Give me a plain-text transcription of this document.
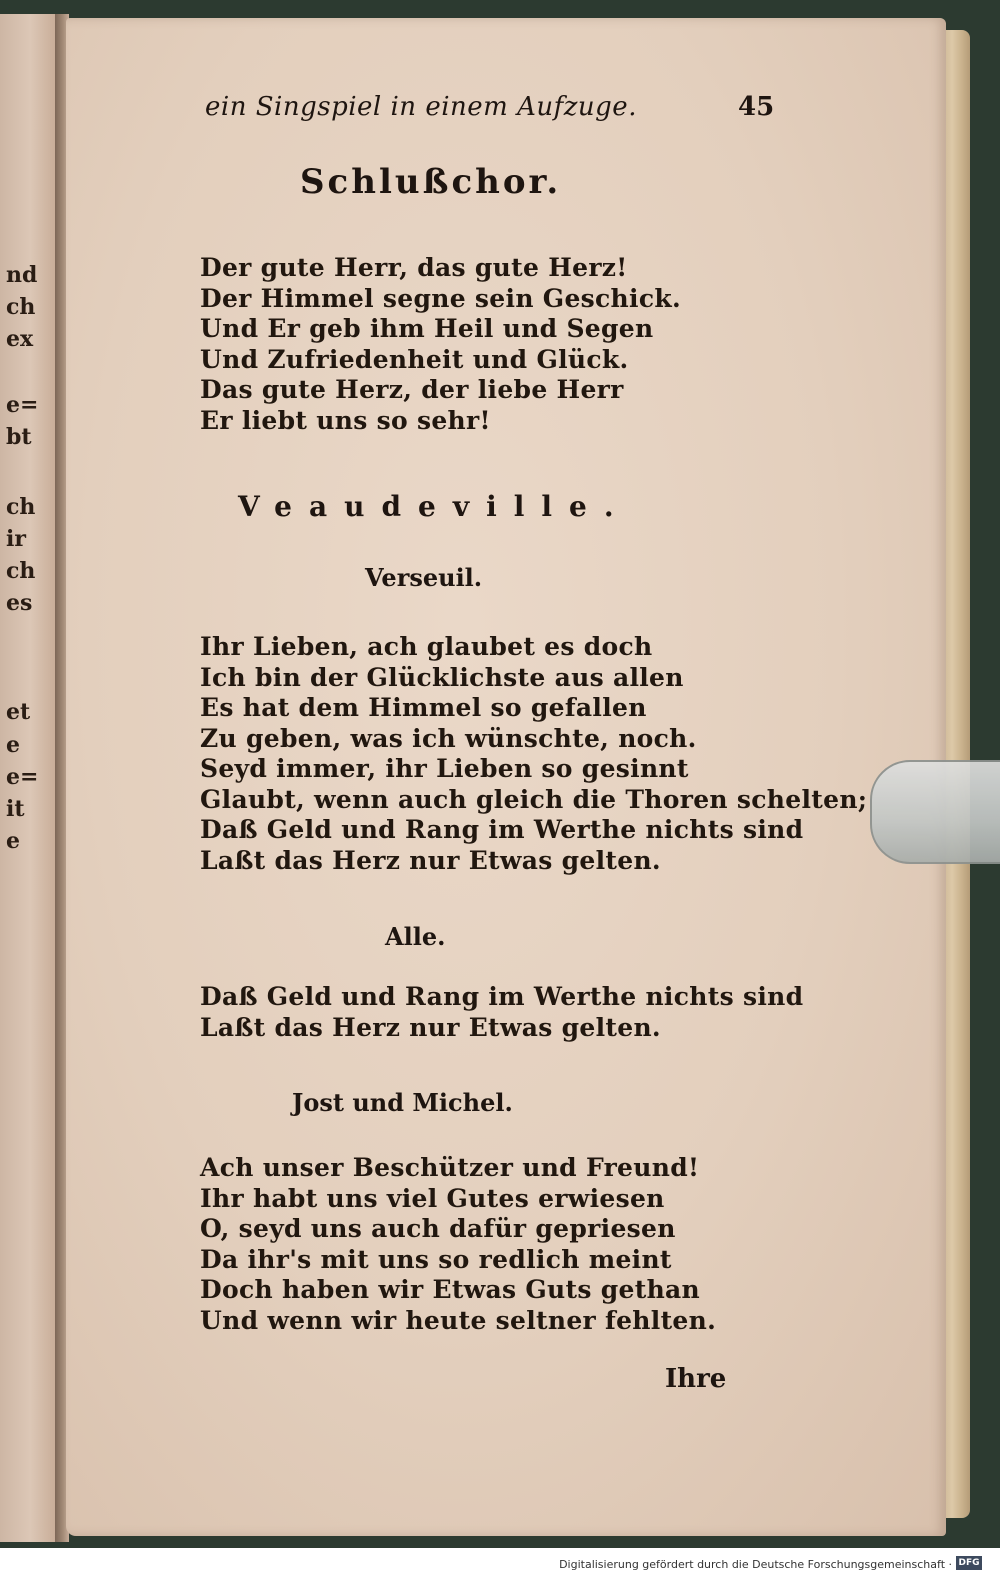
nd
ch
ex
e=
bt
ch
ir
ch
es
et
e
e=
it
e
ein Singspiel in einem Aufzuge.	45
Schlußchor.
Der gute Herr, das gute Herz!
Der Himmel segne sein Geschick.
Und Er geb ihm Heil und Segen
Und Zufriedenheit und Glück.
Das gute Herz, der liebe Herr
Er liebt uns so sehr!
Veaudeville.
Verseuil.
Ihr Lieben, ach glaubet es doch
Ich bin der Glücklichste aus allen
Es hat dem Himmel so gefallen
Zu geben, was ich wünschte, noch.
Seyd immer, ihr Lieben so gesinnt
Glaubt, wenn auch gleich die Thoren schelten;
Daß Geld und Rang im Werthe nichts sind
Laßt das Herz nur Etwas gelten.
Alle.
Daß Geld und Rang im Werthe nichts sind
Laßt das Herz nur Etwas gelten.
Jost und Michel.
Ach unser Beschützer und Freund!
Ihr habt uns viel Gutes erwiesen
O, seyd uns auch dafür gepriesen
Da ihr's mit uns so redlich meint
Doch haben wir Etwas Guts gethan
Und wenn wir heute seltner fehlten.
Ihre
Digitalisierung gefördert durch die Deutsche Forschungsgemeinschaft · DFG
